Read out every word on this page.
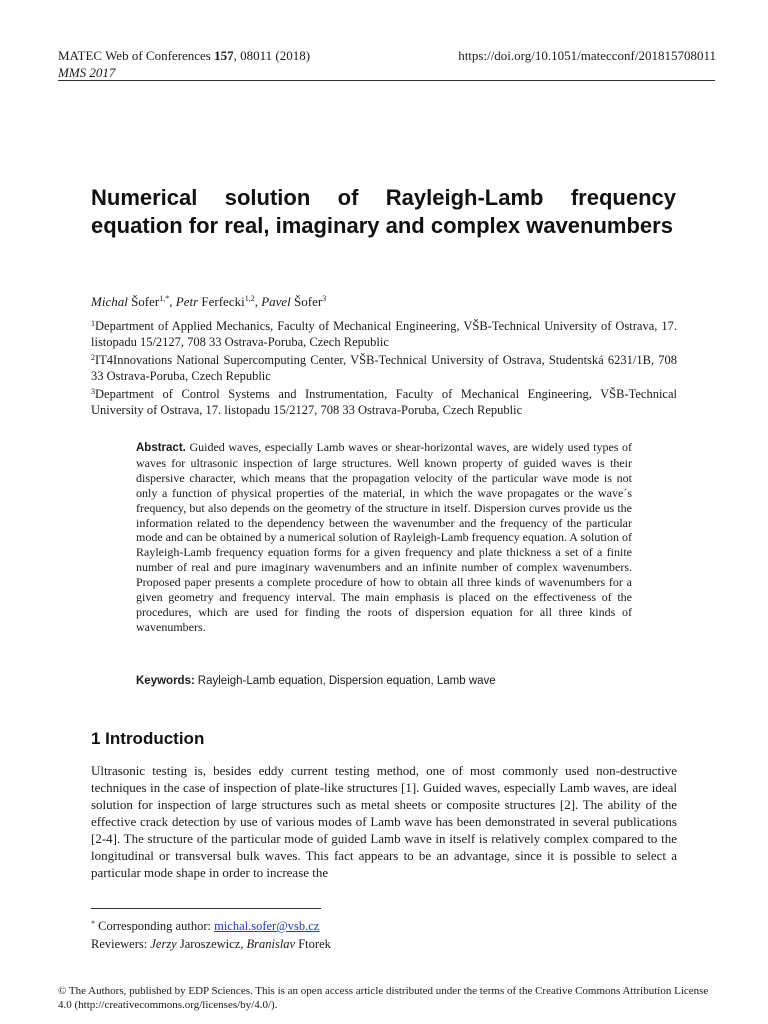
MATEC Web of Conferences 157, 08011 (2018)
MMS 2017
https://doi.org/10.1051/matecconf/201815708011
Numerical solution of Rayleigh-Lamb frequency equation for real, imaginary and complex wavenumbers
Michal Šofer$^{1,*}$, Petr Ferfecki$^{1,2}$, Pavel Šofer$^3$

$^1$Department of Applied Mechanics, Faculty of Mechanical Engineering, VŠB-Technical University of Ostrava, 17. listopadu 15/2127, 708 33 Ostrava-Poruba, Czech Republic

$^2$IT4Innovations National Supercomputing Center, VŠB-Technical University of Ostrava, Studentská 6231/1B, 708 33 Ostrava-Poruba, Czech Republic

$^3$Department of Control Systems and Instrumentation, Faculty of Mechanical Engineering, VŠB-Technical University of Ostrava, 17. listopadu 15/2127, 708 33 Ostrava-Poruba, Czech Republic

Abstract. Guided waves, especially Lamb waves or shear-horizontal waves, are widely used types of waves for ultrasonic inspection of large structures. Well known property of guided waves is their dispersive character, which means that the propagation velocity of the particular wave mode is not only a function of physical properties of the material, in which the wave propagates or the wave´s frequency, but also depends on the geometry of the structure in itself. Dispersion curves provide us the information related to the dependency between the wavenumber and the frequency of the particular mode and can be obtained by a numerical solution of Rayleigh-Lamb frequency equation. A solution of Rayleigh-Lamb frequency equation forms for a given frequency and plate thickness a set of a finite number of real and pure imaginary wavenumbers and an infinite number of complex wavenumbers. Proposed paper presents a complete procedure of how to obtain all three kinds of wavenumbers for a given geometry and frequency interval. The main emphasis is placed on the effectiveness of the procedures, which are used for finding the roots of dispersion equation for all three kinds of wavenumbers.

Keywords: Rayleigh-Lamb equation, Dispersion equation, Lamb wave
1 Introduction

Ultrasonic testing is, besides eddy current testing method, one of most commonly used non-destructive techniques in the case of inspection of plate-like structures [1]. Guided waves, especially Lamb waves, are ideal solution for inspection of large structures such as metal sheets or composite structures [2]. The ability of the effective crack detection by use of various modes of Lamb wave has been demonstrated in several publications [2-4]. The structure of the particular mode of guided Lamb wave in itself is relatively complex compared to the longitudinal or transversal bulk waves. This fact appears to be an advantage, since it is possible to select a particular mode shape in order to increase the

* Corresponding author: michal.sofer@vsb.cz
Reviewers: Jerzy Jaroszewicz, Branislav Ftorek
© The Authors, published by EDP Sciences. This is an open access article distributed under the terms of the Creative Commons Attribution License 4.0 (http://creativecommons.org/licenses/by/4.0/).
